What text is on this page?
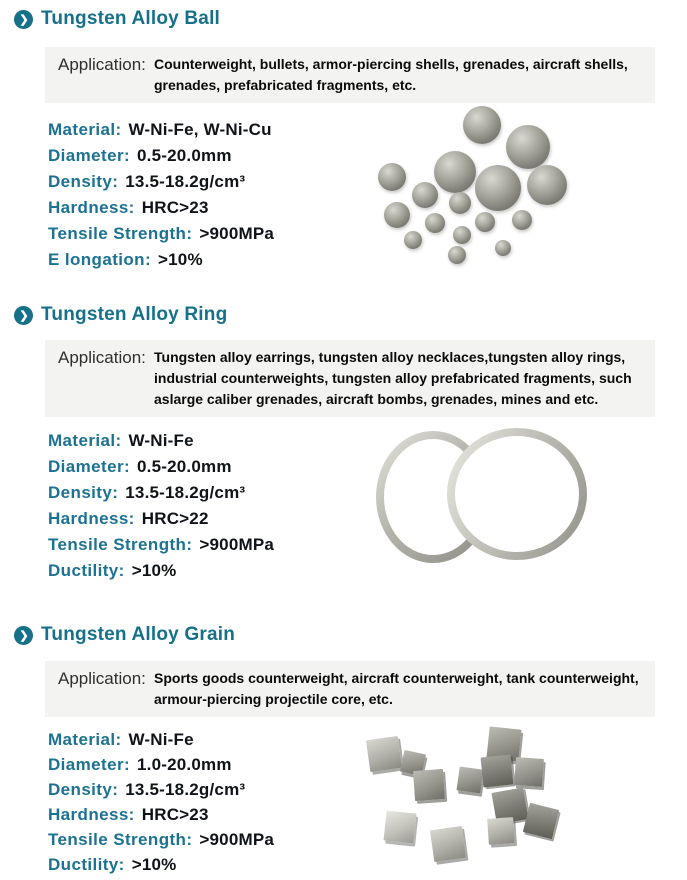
❯ Tungsten Alloy Ball
Application: Counterweight, bullets, armor-piercing shells, grenades, aircraft shells, grenades, prefabricated fragments, etc.
Material: W-Ni-Fe, W-Ni-Cu
Diameter: 0.5-20.0mm
Density: 13.5-18.2g/cm³
Hardness: HRC>23
Tensile Strength: >900MPa
E longation: >10%
❯ Tungsten Alloy Ring
Application: Tungsten alloy earrings, tungsten alloy necklaces,tungsten alloy rings, industrial counterweights, tungsten alloy prefabricated fragments, such aslarge caliber grenades, aircraft bombs, grenades, mines and etc.
Material: W-Ni-Fe
Diameter: 0.5-20.0mm
Density: 13.5-18.2g/cm³
Hardness: HRC>22
Tensile Strength: >900MPa
Ductility: >10%
❯ Tungsten Alloy Grain
Application: Sports goods counterweight, aircraft counterweight, tank counterweight, armour-piercing projectile core, etc.
Material: W-Ni-Fe
Diameter: 1.0-20.0mm
Density: 13.5-18.2g/cm³
Hardness: HRC>23
Tensile Strength: >900MPa
Ductility: >10%
